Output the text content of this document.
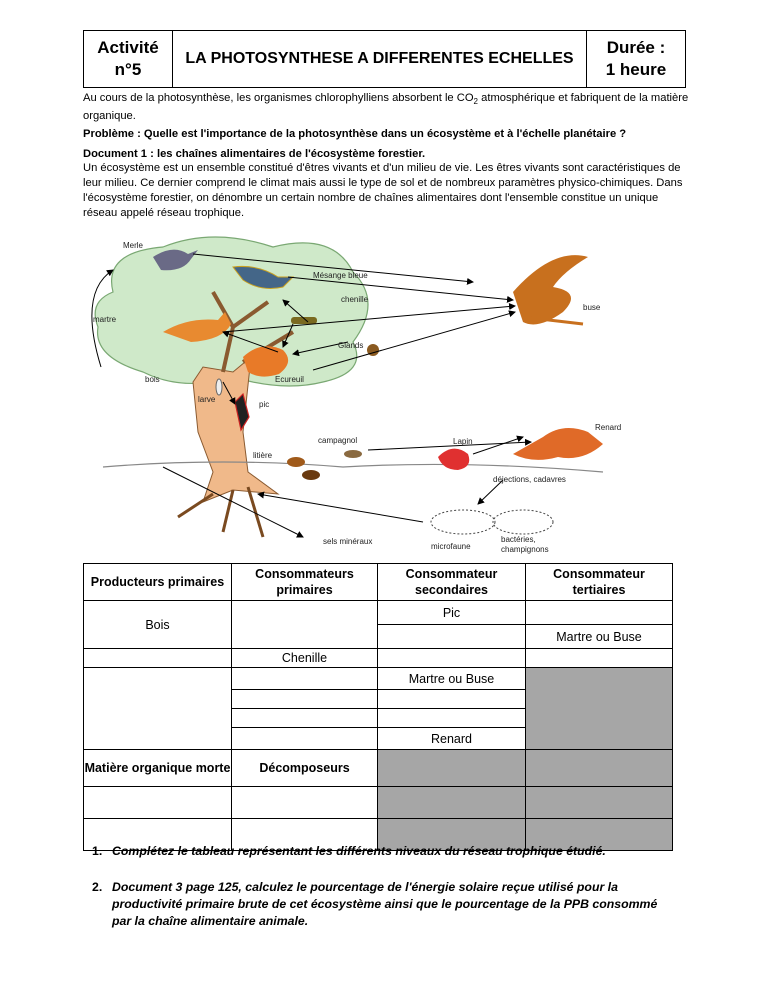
Activité
n°5
LA PHOTOSYNTHESE A DIFFERENTES ECHELLES
Durée :
1 heure
Au cours de la photosynthèse, les organismes chlorophylliens absorbent le $CO_2$ atmosphérique et fabriquent de la matière organique.
Problème : Quelle est l'importance de la photosynthèse dans un écosystème et à l'échelle planétaire ?
Document 1 : les chaînes alimentaires de l'écosystème forestier.
Un écosystème est un ensemble constitué d'êtres vivants et d'un milieu de vie. Les êtres vivants sont caractéristiques de leur milieu. Ce dernier comprend le climat mais aussi le type de sol et de nombreux paramètres physico-chimiques. Dans l'écosystème forestier, on dénombre un certain nombre de chaînes alimentaires dont l'ensemble constitue un unique réseau appelé réseau trophique.
Merle
Mésange bleue
chenille
buse
martre
Glands
Ecureuil
bois
larve
pic
Renard
campagnol	Lapin
litière
déjections, cadavres
sels minéraux
microfaune
bactéries,
champignons
Producteurs primaires	Consommateurs primaires	Consommateur secondaires	Consommateur tertiaires
Bois		Pic	
			Martre ou Buse
	Chenille		
		Martre ou Buse	

		Renard	
Matière organique morte	Décomposeurs		

1. Complétez le tableau représentant les différents niveaux du réseau trophique étudié.
2. Document 3 page 125, calculez le pourcentage de l'énergie solaire reçue utilisé pour la productivité primaire brute de cet écosystème ainsi que le pourcentage de la PPB consommé par la chaîne alimentaire animale.
